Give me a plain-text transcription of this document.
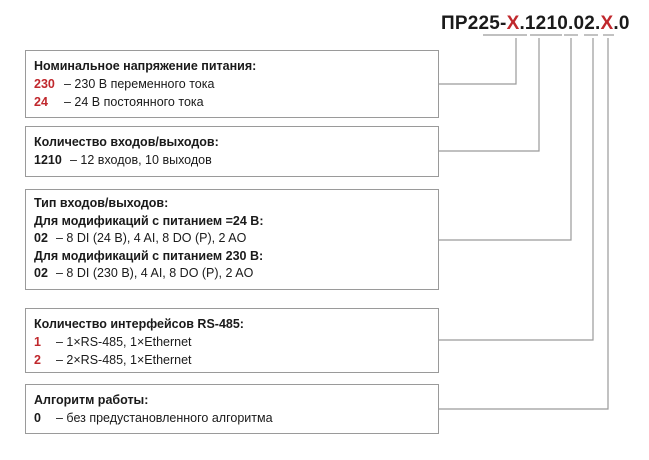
ПР225-X.1210.02.X.0
Номинальное напряжение питания:
230 – 230 В переменного тока
24 – 24 В постоянного тока
Количество входов/выходов:
1210 – 12 входов, 10 выходов
Тип входов/выходов:
Для модификаций с питанием =24 В:
02 – 8 DI (24 В), 4 AI, 8 DO (Р), 2 AO
Для модификаций с питанием 230 В:
02 – 8 DI (230 В), 4 AI, 8 DO (Р), 2 AO
Количество интерфейсов RS-485:
1 – 1×RS-485, 1×Ethernet
2 – 2×RS-485, 1×Ethernet
Алгоритм работы:
0 – без предустановленного алгоритма
